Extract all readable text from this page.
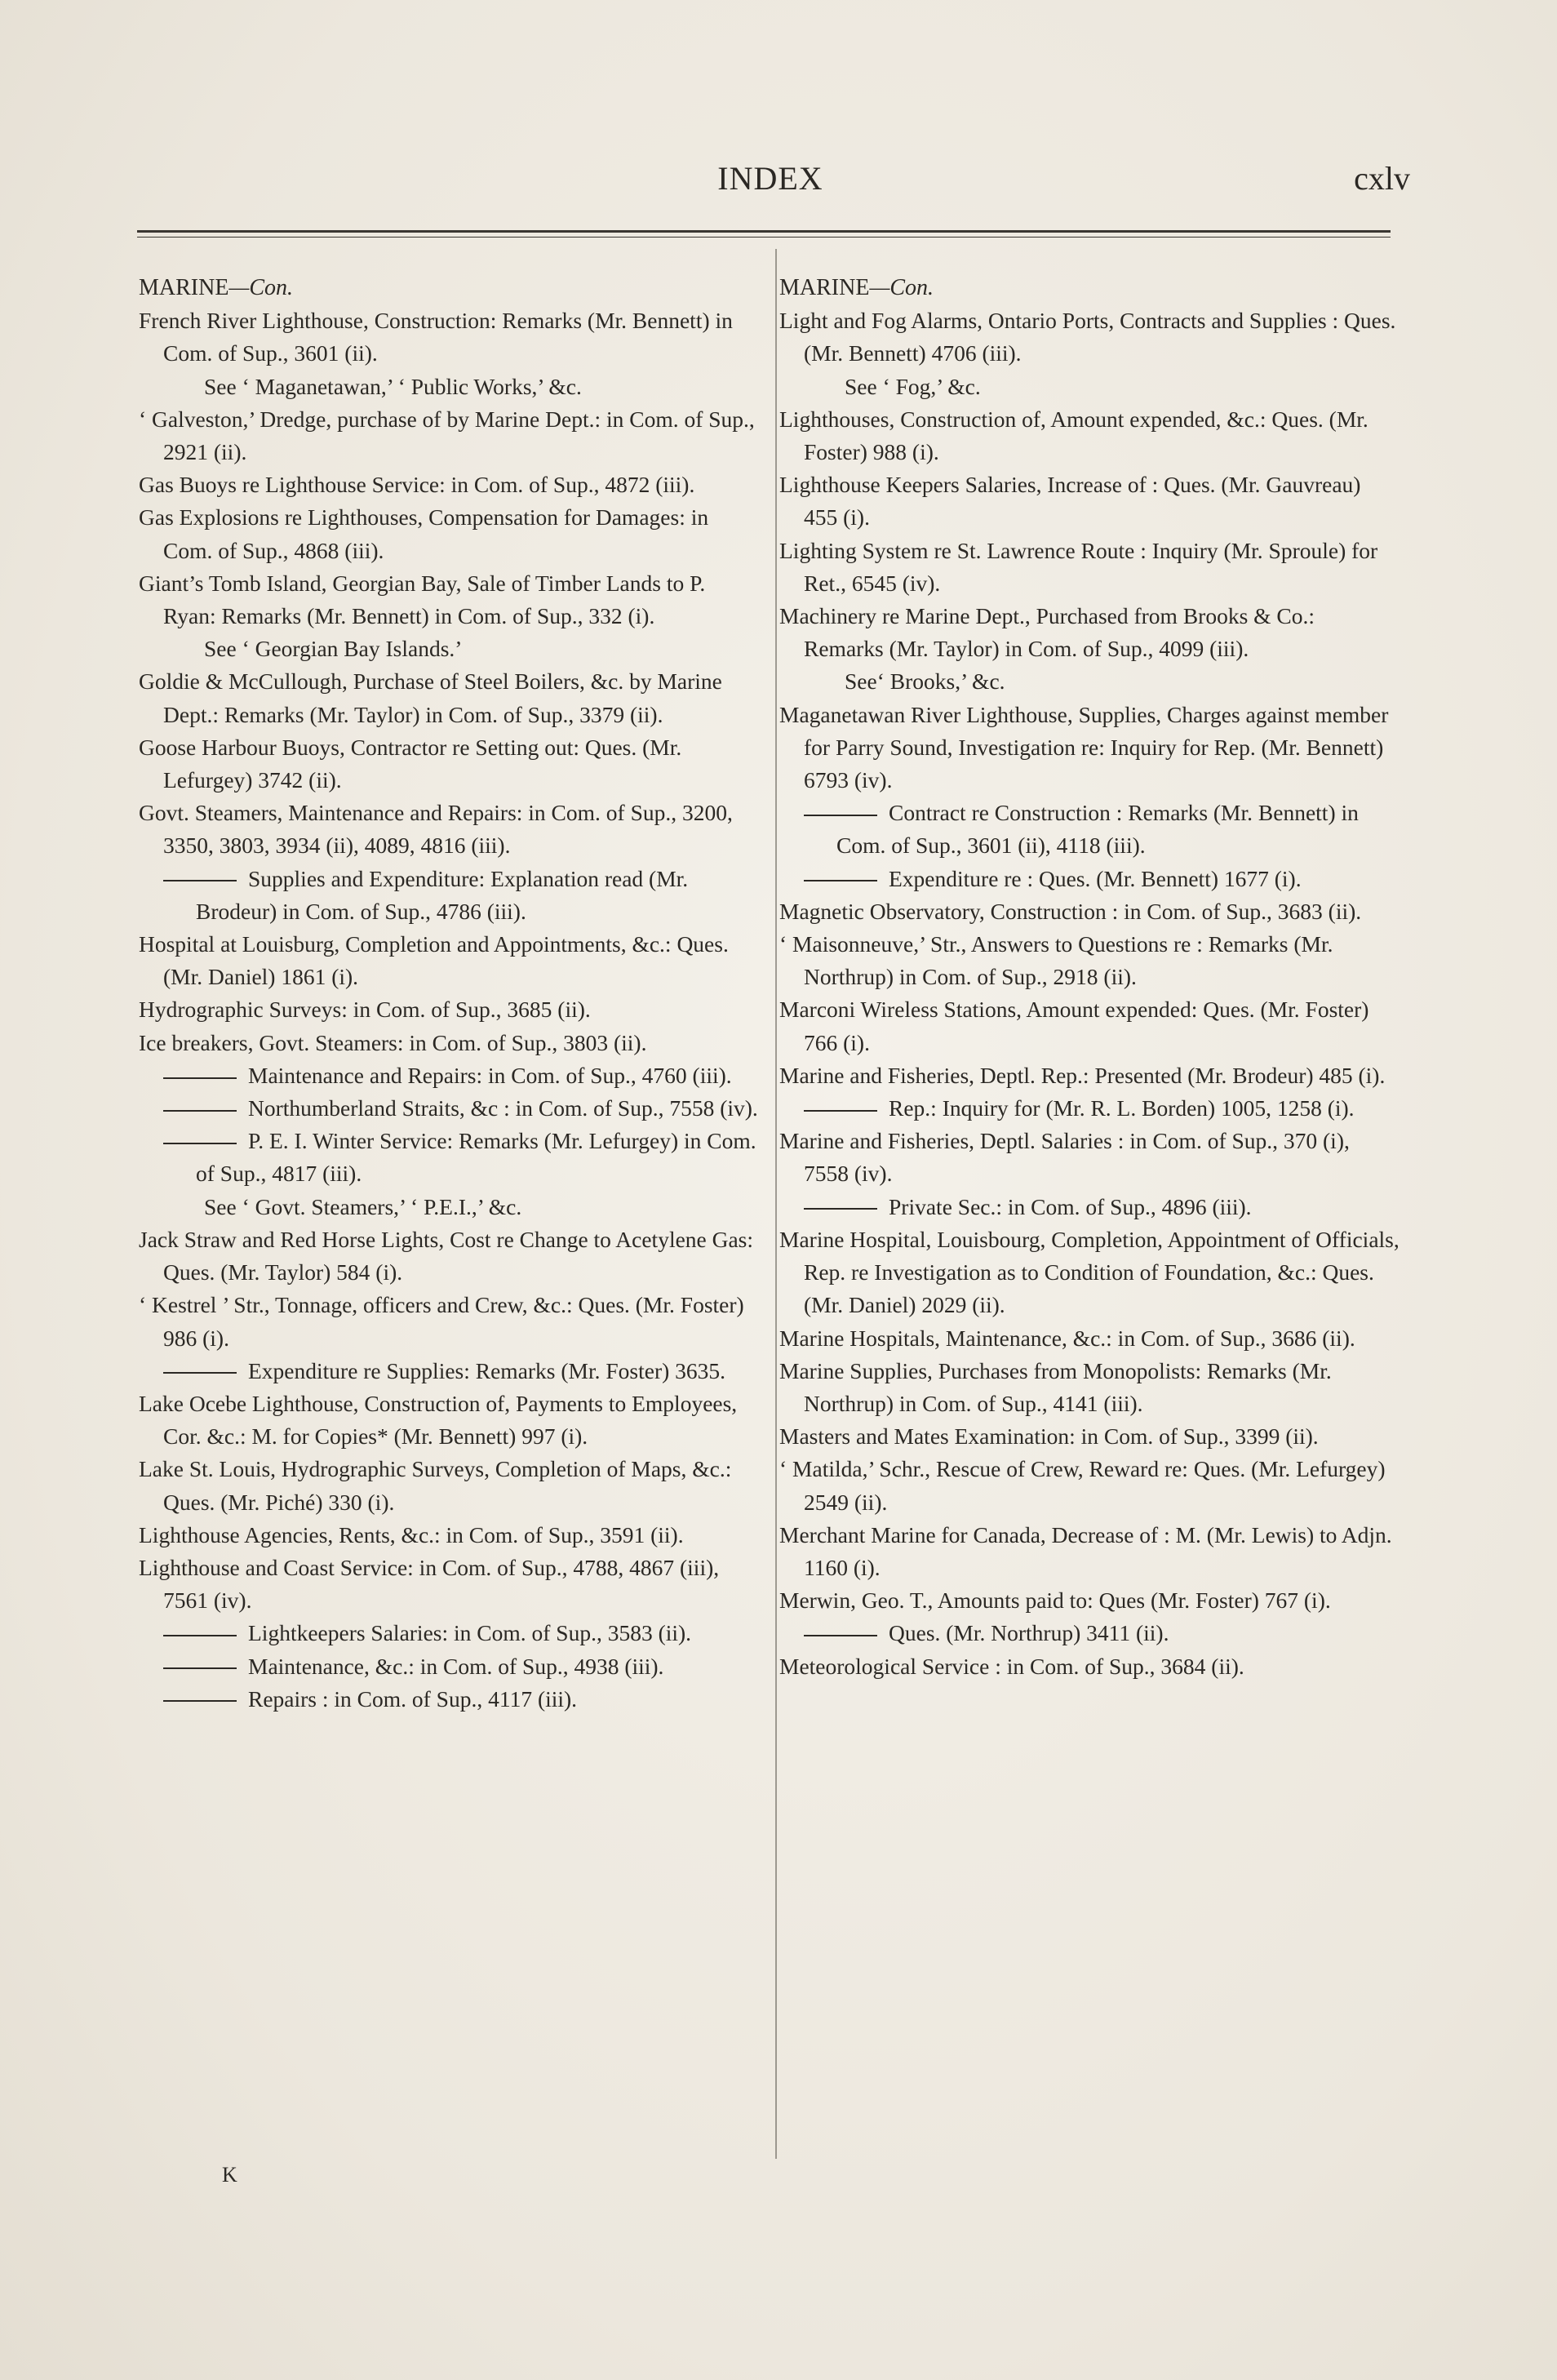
INDEX	cxlv
MARINE—Con.
French River Lighthouse, Construction: Remarks (Mr. Bennett) in Com. of Sup., 3601 (ii).
See ‘ Maganetawan,’ ‘ Public Works,’ &c.
‘ Galveston,’ Dredge, purchase of by Marine Dept.: in Com. of Sup., 2921 (ii).
Gas Buoys re Lighthouse Service: in Com. of Sup., 4872 (iii).
Gas Explosions re Lighthouses, Compensation for Damages: in Com. of Sup., 4868 (iii).
Giant’s Tomb Island, Georgian Bay, Sale of Timber Lands to P. Ryan: Remarks (Mr. Bennett) in Com. of Sup., 332 (i).
See ‘ Georgian Bay Islands.’
Goldie & McCullough, Purchase of Steel Boilers, &c. by Marine Dept.: Remarks (Mr. Taylor) in Com. of Sup., 3379 (ii).
Goose Harbour Buoys, Contractor re Setting out: Ques. (Mr. Lefurgey) 3742 (ii).
Govt. Steamers, Maintenance and Repairs: in Com. of Sup., 3200, 3350, 3803, 3934 (ii), 4089, 4816 (iii).
Supplies and Expenditure: Explanation read (Mr. Brodeur) in Com. of Sup., 4786 (iii).
Hospital at Louisburg, Completion and Appointments, &c.: Ques. (Mr. Daniel) 1861 (i).
Hydrographic Surveys: in Com. of Sup., 3685 (ii).
Ice breakers, Govt. Steamers: in Com. of Sup., 3803 (ii).
Maintenance and Repairs: in Com. of Sup., 4760 (iii).
Northumberland Straits, &c : in Com. of Sup., 7558 (iv).
P. E. I. Winter Service: Remarks (Mr. Lefurgey) in Com. of Sup., 4817 (iii).
See ‘ Govt. Steamers,’ ‘ P.E.I.,’ &c.
Jack Straw and Red Horse Lights, Cost re Change to Acetylene Gas: Ques. (Mr. Taylor) 584 (i).
‘ Kestrel ’ Str., Tonnage, officers and Crew, &c.: Ques. (Mr. Foster) 986 (i).
Expenditure re Supplies: Remarks (Mr. Foster) 3635.
Lake Ocebe Lighthouse, Construction of, Payments to Employees, Cor. &c.: M. for Copies* (Mr. Bennett) 997 (i).
Lake St. Louis, Hydrographic Surveys, Completion of Maps, &c.: Ques. (Mr. Piché) 330 (i).
Lighthouse Agencies, Rents, &c.: in Com. of Sup., 3591 (ii).
Lighthouse and Coast Service: in Com. of Sup., 4788, 4867 (iii), 7561 (iv).
Lightkeepers Salaries: in Com. of Sup., 3583 (ii).
Maintenance, &c.: in Com. of Sup., 4938 (iii).
Repairs : in Com. of Sup., 4117 (iii).
MARINE—Con.
Light and Fog Alarms, Ontario Ports, Contracts and Supplies : Ques. (Mr. Bennett) 4706 (iii).
See ‘ Fog,’ &c.
Lighthouses, Construction of, Amount expended, &c.: Ques. (Mr. Foster) 988 (i).
Lighthouse Keepers Salaries, Increase of : Ques. (Mr. Gauvreau) 455 (i).
Lighting System re St. Lawrence Route : Inquiry (Mr. Sproule) for Ret., 6545 (iv).
Machinery re Marine Dept., Purchased from Brooks & Co.: Remarks (Mr. Taylor) in Com. of Sup., 4099 (iii).
See‘ Brooks,’ &c.
Maganetawan River Lighthouse, Supplies, Charges against member for Parry Sound, Investigation re: Inquiry for Rep. (Mr. Bennett) 6793 (iv).
Contract re Construction : Remarks (Mr. Bennett) in Com. of Sup., 3601 (ii), 4118 (iii).
Expenditure re : Ques. (Mr. Bennett) 1677 (i).
Magnetic Observatory, Construction : in Com. of Sup., 3683 (ii).
‘ Maisonneuve,’ Str., Answers to Questions re : Remarks (Mr. Northrup) in Com. of Sup., 2918 (ii).
Marconi Wireless Stations, Amount expended: Ques. (Mr. Foster) 766 (i).
Marine and Fisheries, Deptl. Rep.: Presented (Mr. Brodeur) 485 (i).
Rep.: Inquiry for (Mr. R. L. Borden) 1005, 1258 (i).
Marine and Fisheries, Deptl. Salaries : in Com. of Sup., 370 (i), 7558 (iv).
Private Sec.: in Com. of Sup., 4896 (iii).
Marine Hospital, Louisbourg, Completion, Appointment of Officials, Rep. re Investigation as to Condition of Foundation, &c.: Ques. (Mr. Daniel) 2029 (ii).
Marine Hospitals, Maintenance, &c.: in Com. of Sup., 3686 (ii).
Marine Supplies, Purchases from Monopolists: Remarks (Mr. Northrup) in Com. of Sup., 4141 (iii).
Masters and Mates Examination: in Com. of Sup., 3399 (ii).
‘ Matilda,’ Schr., Rescue of Crew, Reward re: Ques. (Mr. Lefurgey) 2549 (ii).
Merchant Marine for Canada, Decrease of : M. (Mr. Lewis) to Adjn. 1160 (i).
Merwin, Geo. T., Amounts paid to: Ques (Mr. Foster) 767 (i).
Ques. (Mr. Northrup) 3411 (ii).
Meteorological Service : in Com. of Sup., 3684 (ii).
K
